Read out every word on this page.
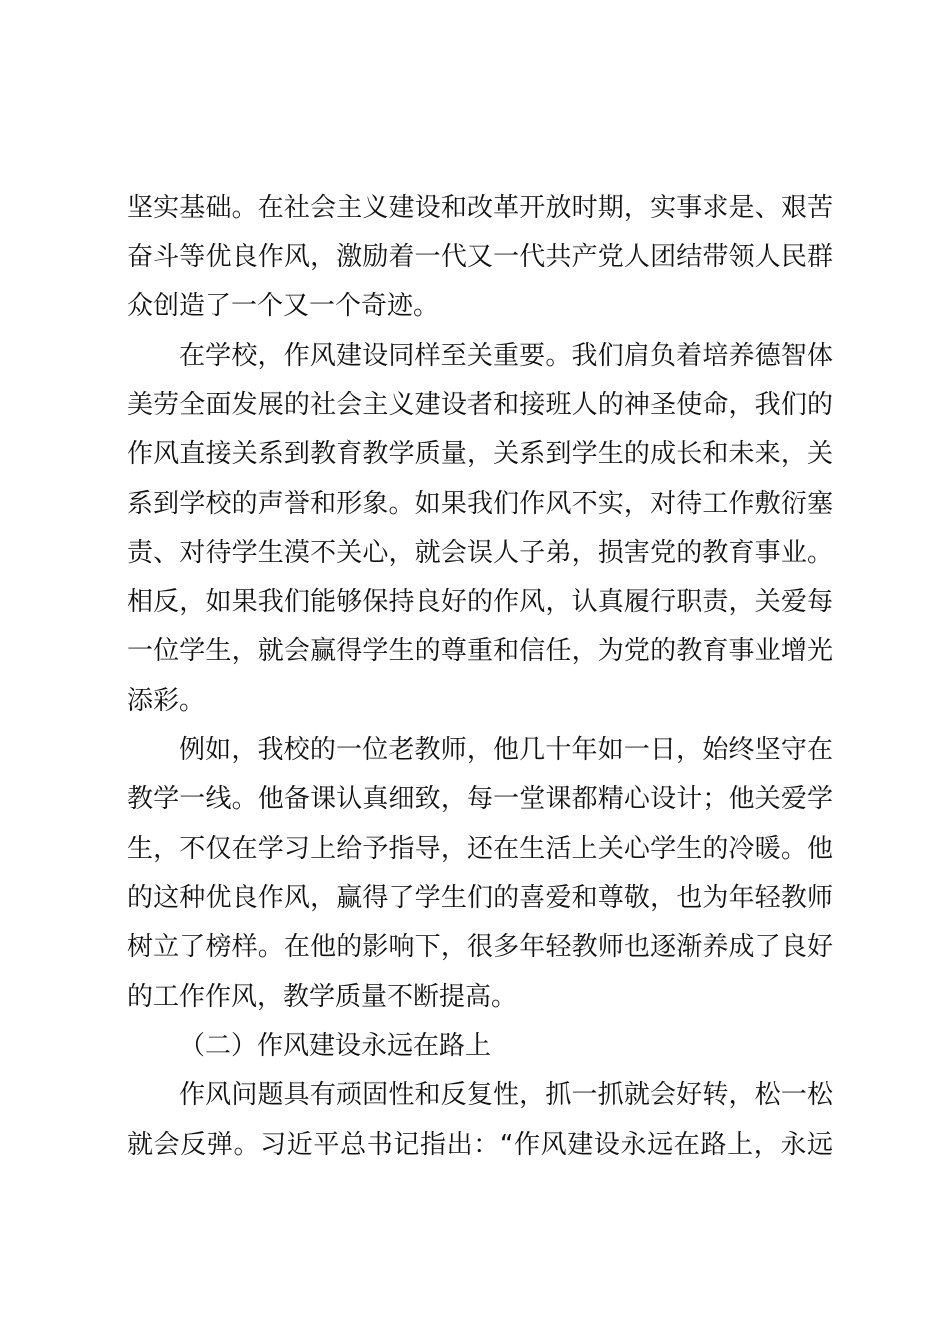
坚实基础。在社会主义建设和改革开放时期，实事求是、艰苦

奋斗等优良作风，激励着一代又一代共产党人团结带领人民群

众创造了一个又一个奇迹。

在学校，作风建设同样至关重要。我们肩负着培养德智体

美劳全面发展的社会主义建设者和接班人的神圣使命，我们的

作风直接关系到教育教学质量，关系到学生的成长和未来，关

系到学校的声誉和形象。如果我们作风不实，对待工作敷衍塞

责、对待学生漠不关心，就会误人子弟，损害党的教育事业。

相反，如果我们能够保持良好的作风，认真履行职责，关爱每

一位学生，就会赢得学生的尊重和信任，为党的教育事业增光

添彩。

例如，我校的一位老教师，他几十年如一日，始终坚守在

教学一线。他备课认真细致，每一堂课都精心设计；他关爱学

生，不仅在学习上给予指导，还在生活上关心学生的冷暖。他

的这种优良作风，赢得了学生们的喜爱和尊敬，也为年轻教师

树立了榜样。在他的影响下，很多年轻教师也逐渐养成了良好

的工作作风，教学质量不断提高。

（二）作风建设永远在路上

作风问题具有顽固性和反复性，抓一抓就会好转，松一松

就会反弹。习近平总书记指出：“作风建设永远在路上，永远
